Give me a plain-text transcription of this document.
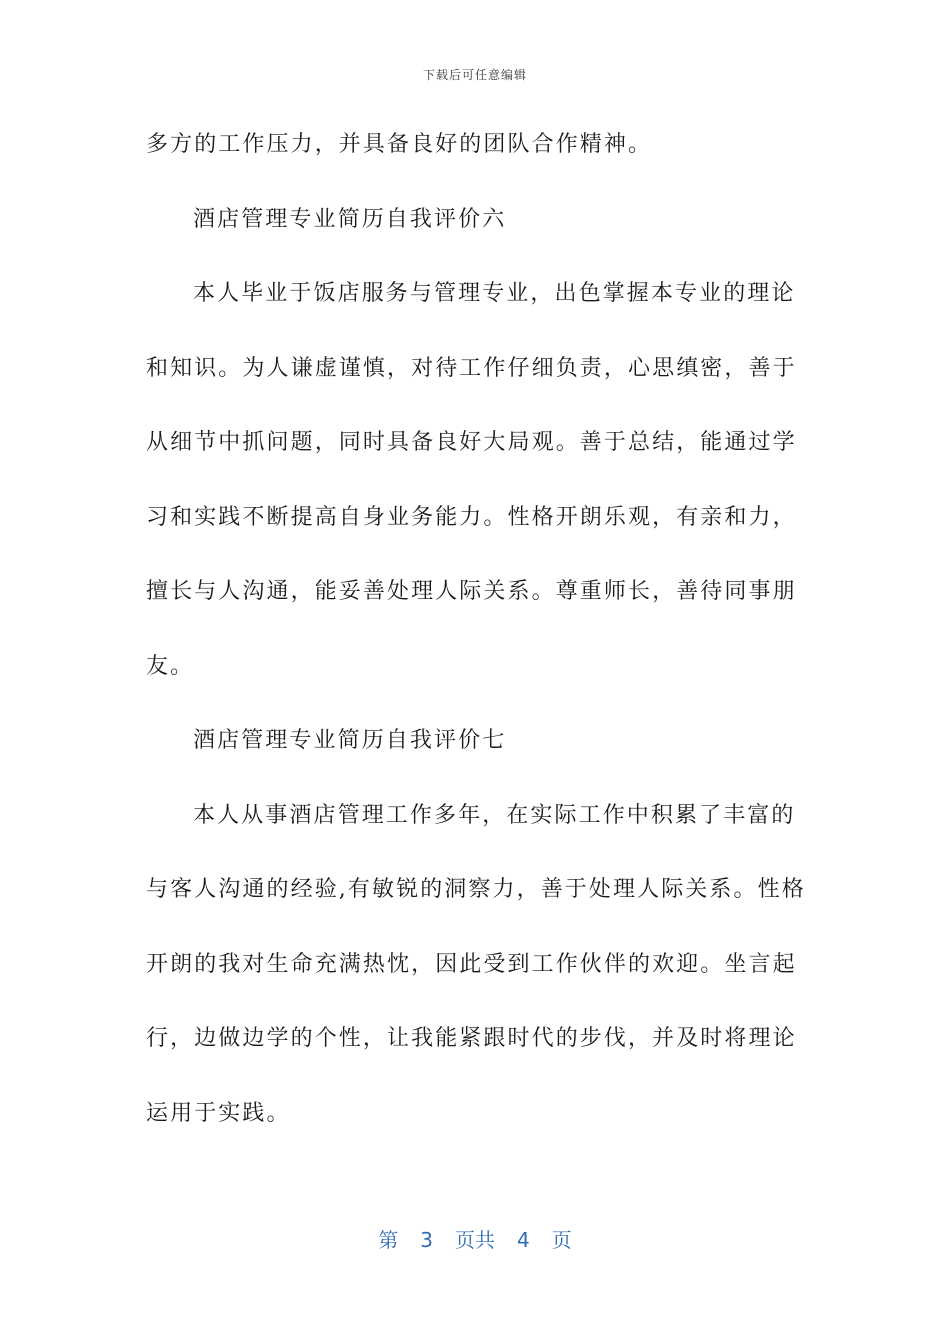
下载后可任意编辑

多方的工作压力，并具备良好的团队合作精神。

酒店管理专业简历自我评价六

本人毕业于饭店服务与管理专业，出色掌握本专业的理论和知识。为人谦虚谨慎，对待工作仔细负责，心思缜密，善于从细节中抓问题，同时具备良好大局观。善于总结，能通过学习和实践不断提高自身业务能力。性格开朗乐观，有亲和力，擅长与人沟通，能妥善处理人际关系。尊重师长，善待同事朋友。

酒店管理专业简历自我评价七

本人从事酒店管理工作多年，在实际工作中积累了丰富的与客人沟通的经验,有敏锐的洞察力，善于处理人际关系。性格开朗的我对生命充满热忱，因此受到工作伙伴的欢迎。坐言起行，边做边学的个性，让我能紧跟时代的步伐，并及时将理论运用于实践。

第 3 页共 4 页
